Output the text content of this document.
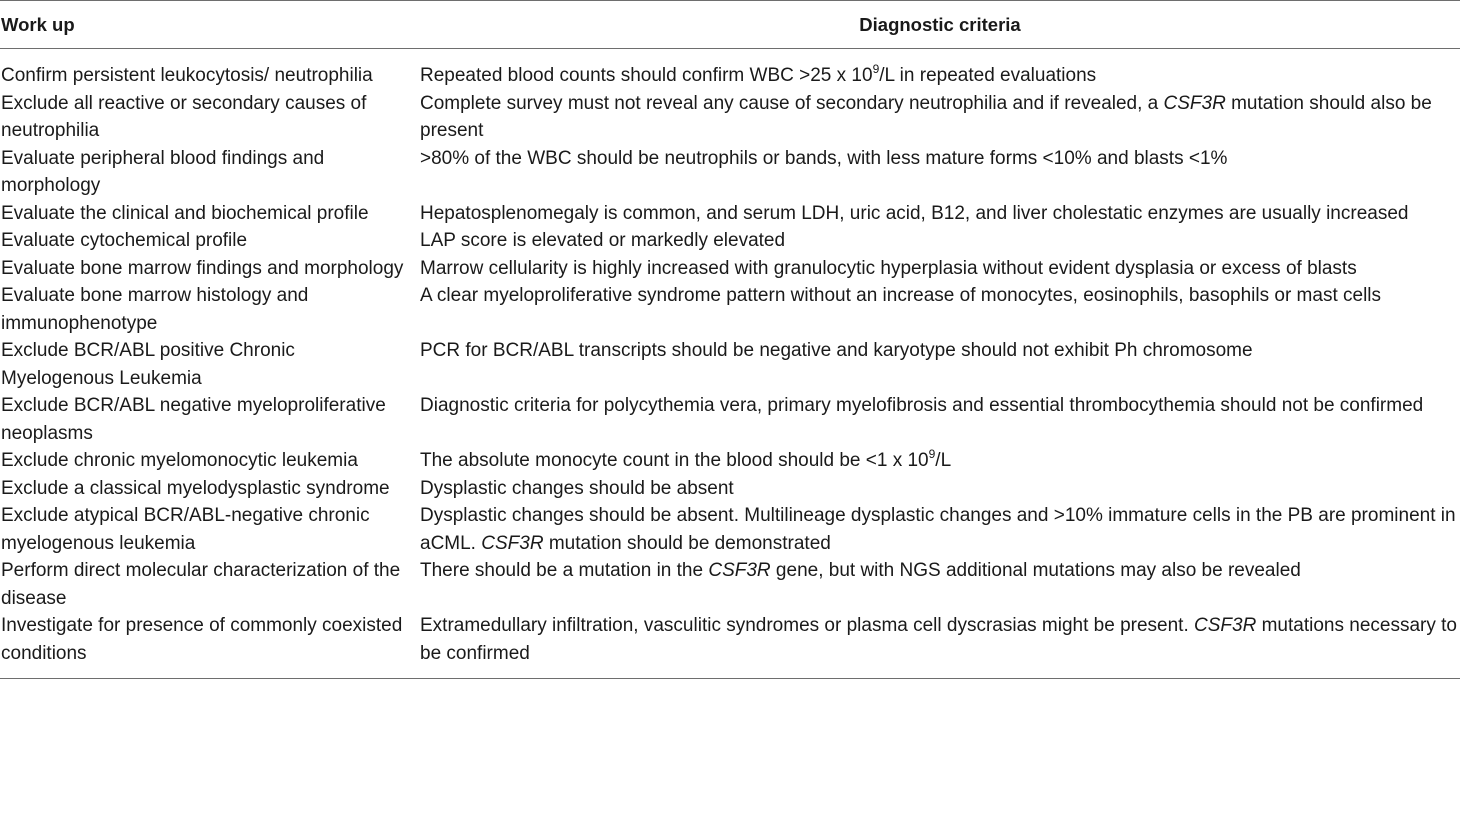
Work up	Diagnostic criteria
Confirm persistent leukocytosis/ neutrophilia	Repeated blood counts should confirm WBC >25 x $10^9/L$ in repeated evaluations
Exclude all reactive or secondary causes of neutrophilia	Complete survey must not reveal any cause of secondary neutrophilia and if revealed, a CSF3R mutation should also be present
Evaluate peripheral blood findings and morphology	>80% of the WBC should be neutrophils or bands, with less mature forms <10% and blasts <1%
Evaluate the clinical and biochemical profile	Hepatosplenomegaly is common, and serum LDH, uric acid, B12, and liver cholestatic enzymes are usually increased
Evaluate cytochemical profile	LAP score is elevated or markedly elevated
Evaluate bone marrow findings and morphology	Marrow cellularity is highly increased with granulocytic hyperplasia without evident dysplasia or excess of blasts
Evaluate bone marrow histology and immunophenotype	A clear myeloproliferative syndrome pattern without an increase of monocytes, eosinophils, basophils or mast cells
Exclude BCR/ABL positive Chronic Myelogenous Leukemia	PCR for BCR/ABL transcripts should be negative and karyotype should not exhibit Ph chromosome
Exclude BCR/ABL negative myeloproliferative neoplasms	Diagnostic criteria for polycythemia vera, primary myelofibrosis and essential thrombocythemia should not be confirmed
Exclude chronic myelomonocytic leukemia	The absolute monocyte count in the blood should be <1 x $10^9/L$
Exclude a classical myelodysplastic syndrome	Dysplastic changes should be absent
Exclude atypical BCR/ABL-negative chronic myelogenous leukemia	Dysplastic changes should be absent. Multilineage dysplastic changes and >10% immature cells in the PB are prominent in aCML. CSF3R mutation should be demonstrated
Perform direct molecular characterization of the disease	There should be a mutation in the CSF3R gene, but with NGS additional mutations may also be revealed
Investigate for presence of commonly coexisted conditions	Extramedullary infiltration, vasculitic syndromes or plasma cell dyscrasias might be present. CSF3R mutations necessary to be confirmed
